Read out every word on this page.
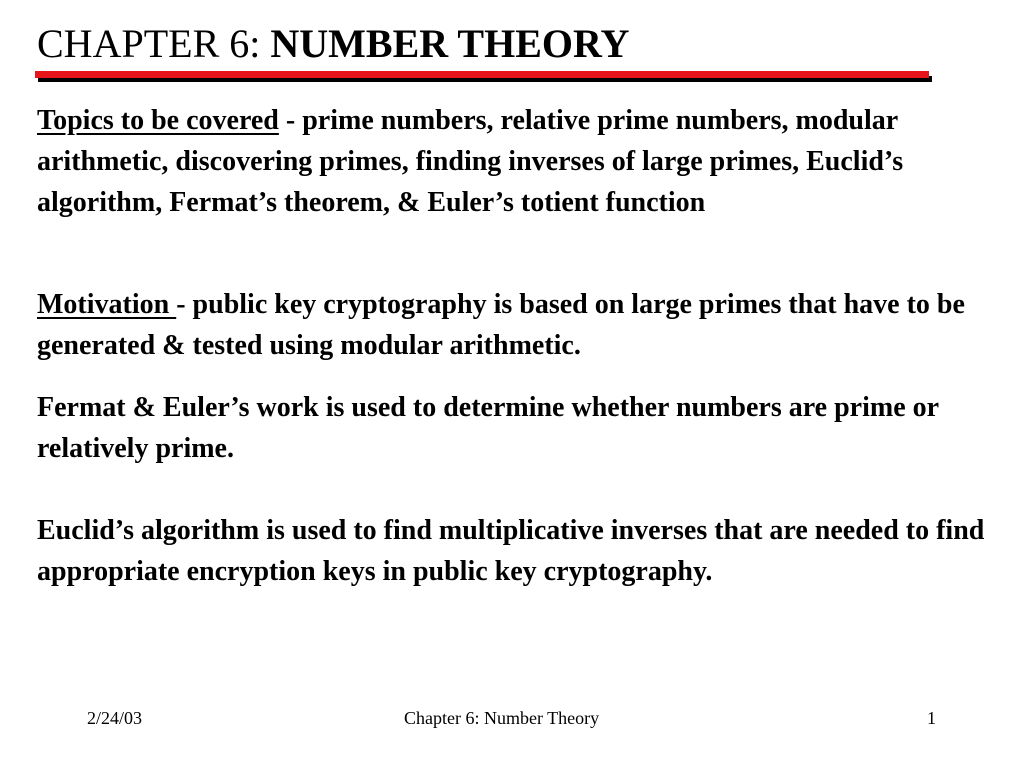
CHAPTER 6: NUMBER THEORY

Topics to be covered - prime numbers, relative prime numbers, modular arithmetic, discovering primes, finding inverses of large primes, Euclid’s algorithm, Fermat’s theorem, & Euler’s totient function

Motivation - public key cryptography is based on large primes that have to be generated & tested using modular arithmetic.

Fermat & Euler’s work is used to determine whether numbers are prime or relatively prime.

Euclid’s algorithm is used to find multiplicative inverses that are needed to find appropriate encryption keys in public key cryptography.

2/24/03	Chapter 6: Number Theory	1
